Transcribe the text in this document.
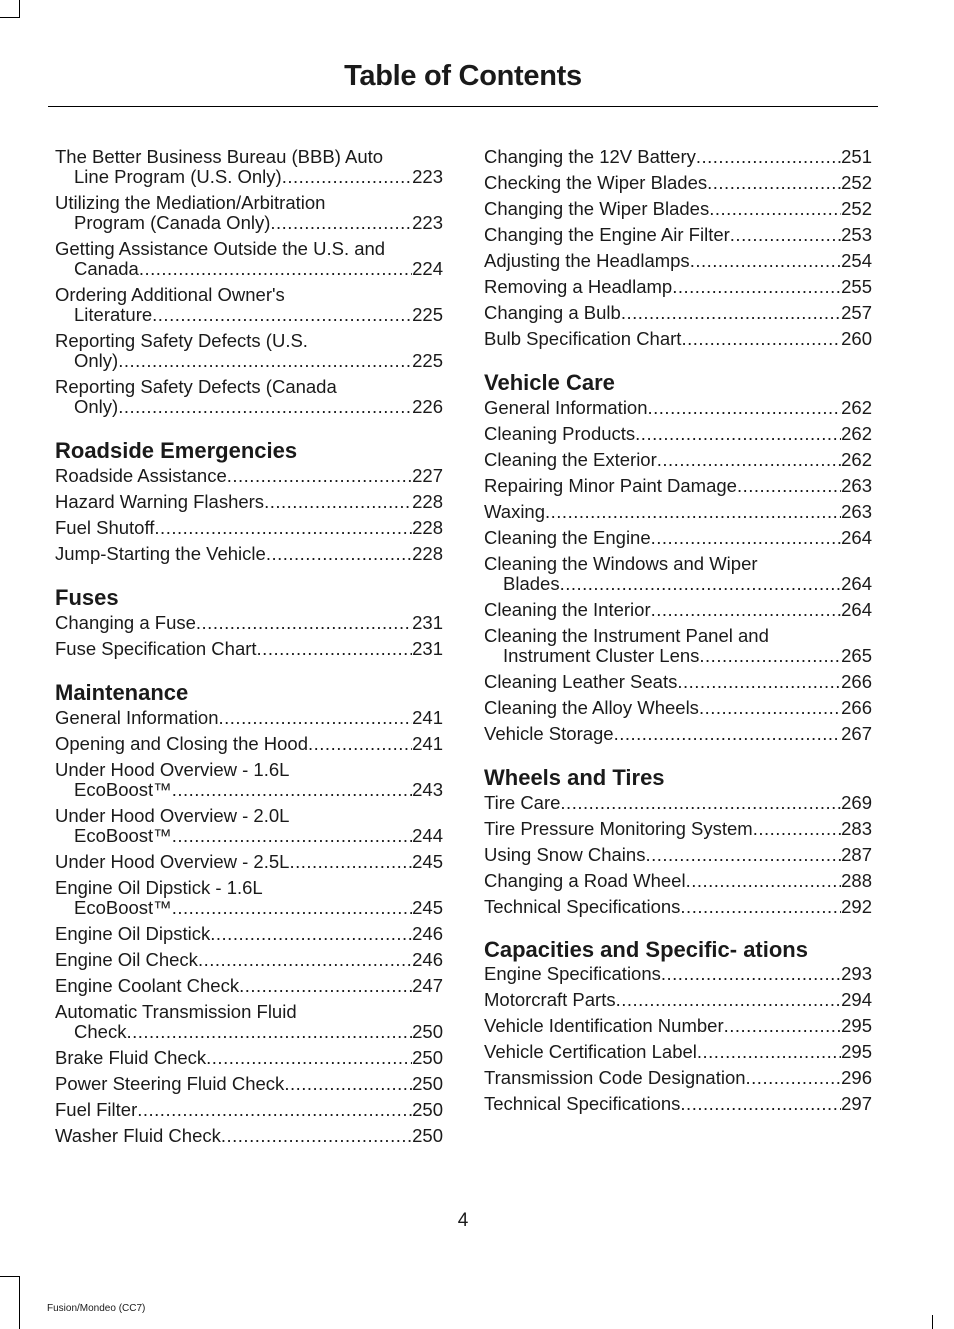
Table of Contents
The Better Business Bureau (BBB) Auto
Line Program (U.S. Only) .....	223
Utilizing the Mediation/Arbitration
Program (Canada Only) .....	223
Getting Assistance Outside the U.S. and
Canada .....	224
Ordering Additional Owner's
Literature .....	225
Reporting Safety Defects (U.S.
Only) .....	225
Reporting Safety Defects (Canada
Only) .....	226
Roadside Emergencies
Roadside Assistance .....	227
Hazard Warning Flashers .....	228
Fuel Shutoff .....	228
Jump-Starting the Vehicle .....	228
Fuses
Changing a Fuse .....	231
Fuse Specification Chart .....	231
Maintenance
General Information .....	241
Opening and Closing the Hood .....	241
Under Hood Overview - 1.6L
EcoBoost™ .....	243
Under Hood Overview - 2.0L
EcoBoost™ .....	244
Under Hood Overview - 2.5L .....	245
Engine Oil Dipstick - 1.6L
EcoBoost™ .....	245
Engine Oil Dipstick .....	246
Engine Oil Check .....	246
Engine Coolant Check .....	247
Automatic Transmission Fluid
Check .....	250
Brake Fluid Check .....	250
Power Steering Fluid Check .....	250
Fuel Filter .....	250
Washer Fluid Check .....	250
Changing the 12V Battery .....	251
Checking the Wiper Blades .....	252
Changing the Wiper Blades .....	252
Changing the Engine Air Filter .....	253
Adjusting the Headlamps .....	254
Removing a Headlamp .....	255
Changing a Bulb .....	257
Bulb Specification Chart .....	260
Vehicle Care
General Information .....	262
Cleaning Products .....	262
Cleaning the Exterior .....	262
Repairing Minor Paint Damage .....	263
Waxing .....	263
Cleaning the Engine .....	264
Cleaning the Windows and Wiper
Blades .....	264
Cleaning the Interior .....	264
Cleaning the Instrument Panel and
Instrument Cluster Lens .....	265
Cleaning Leather Seats .....	266
Cleaning the Alloy Wheels .....	266
Vehicle Storage .....	267
Wheels and Tires
Tire Care .....	269
Tire Pressure Monitoring System .....	283
Using Snow Chains .....	287
Changing a Road Wheel .....	288
Technical Specifications .....	292
Capacities and Specific- ations
Engine Specifications .....	293
Motorcraft Parts .....	294
Vehicle Identification Number .....	295
Vehicle Certification Label .....	295
Transmission Code Designation .....	296
Technical Specifications .....	297
4
Fusion/Mondeo (CC7)
